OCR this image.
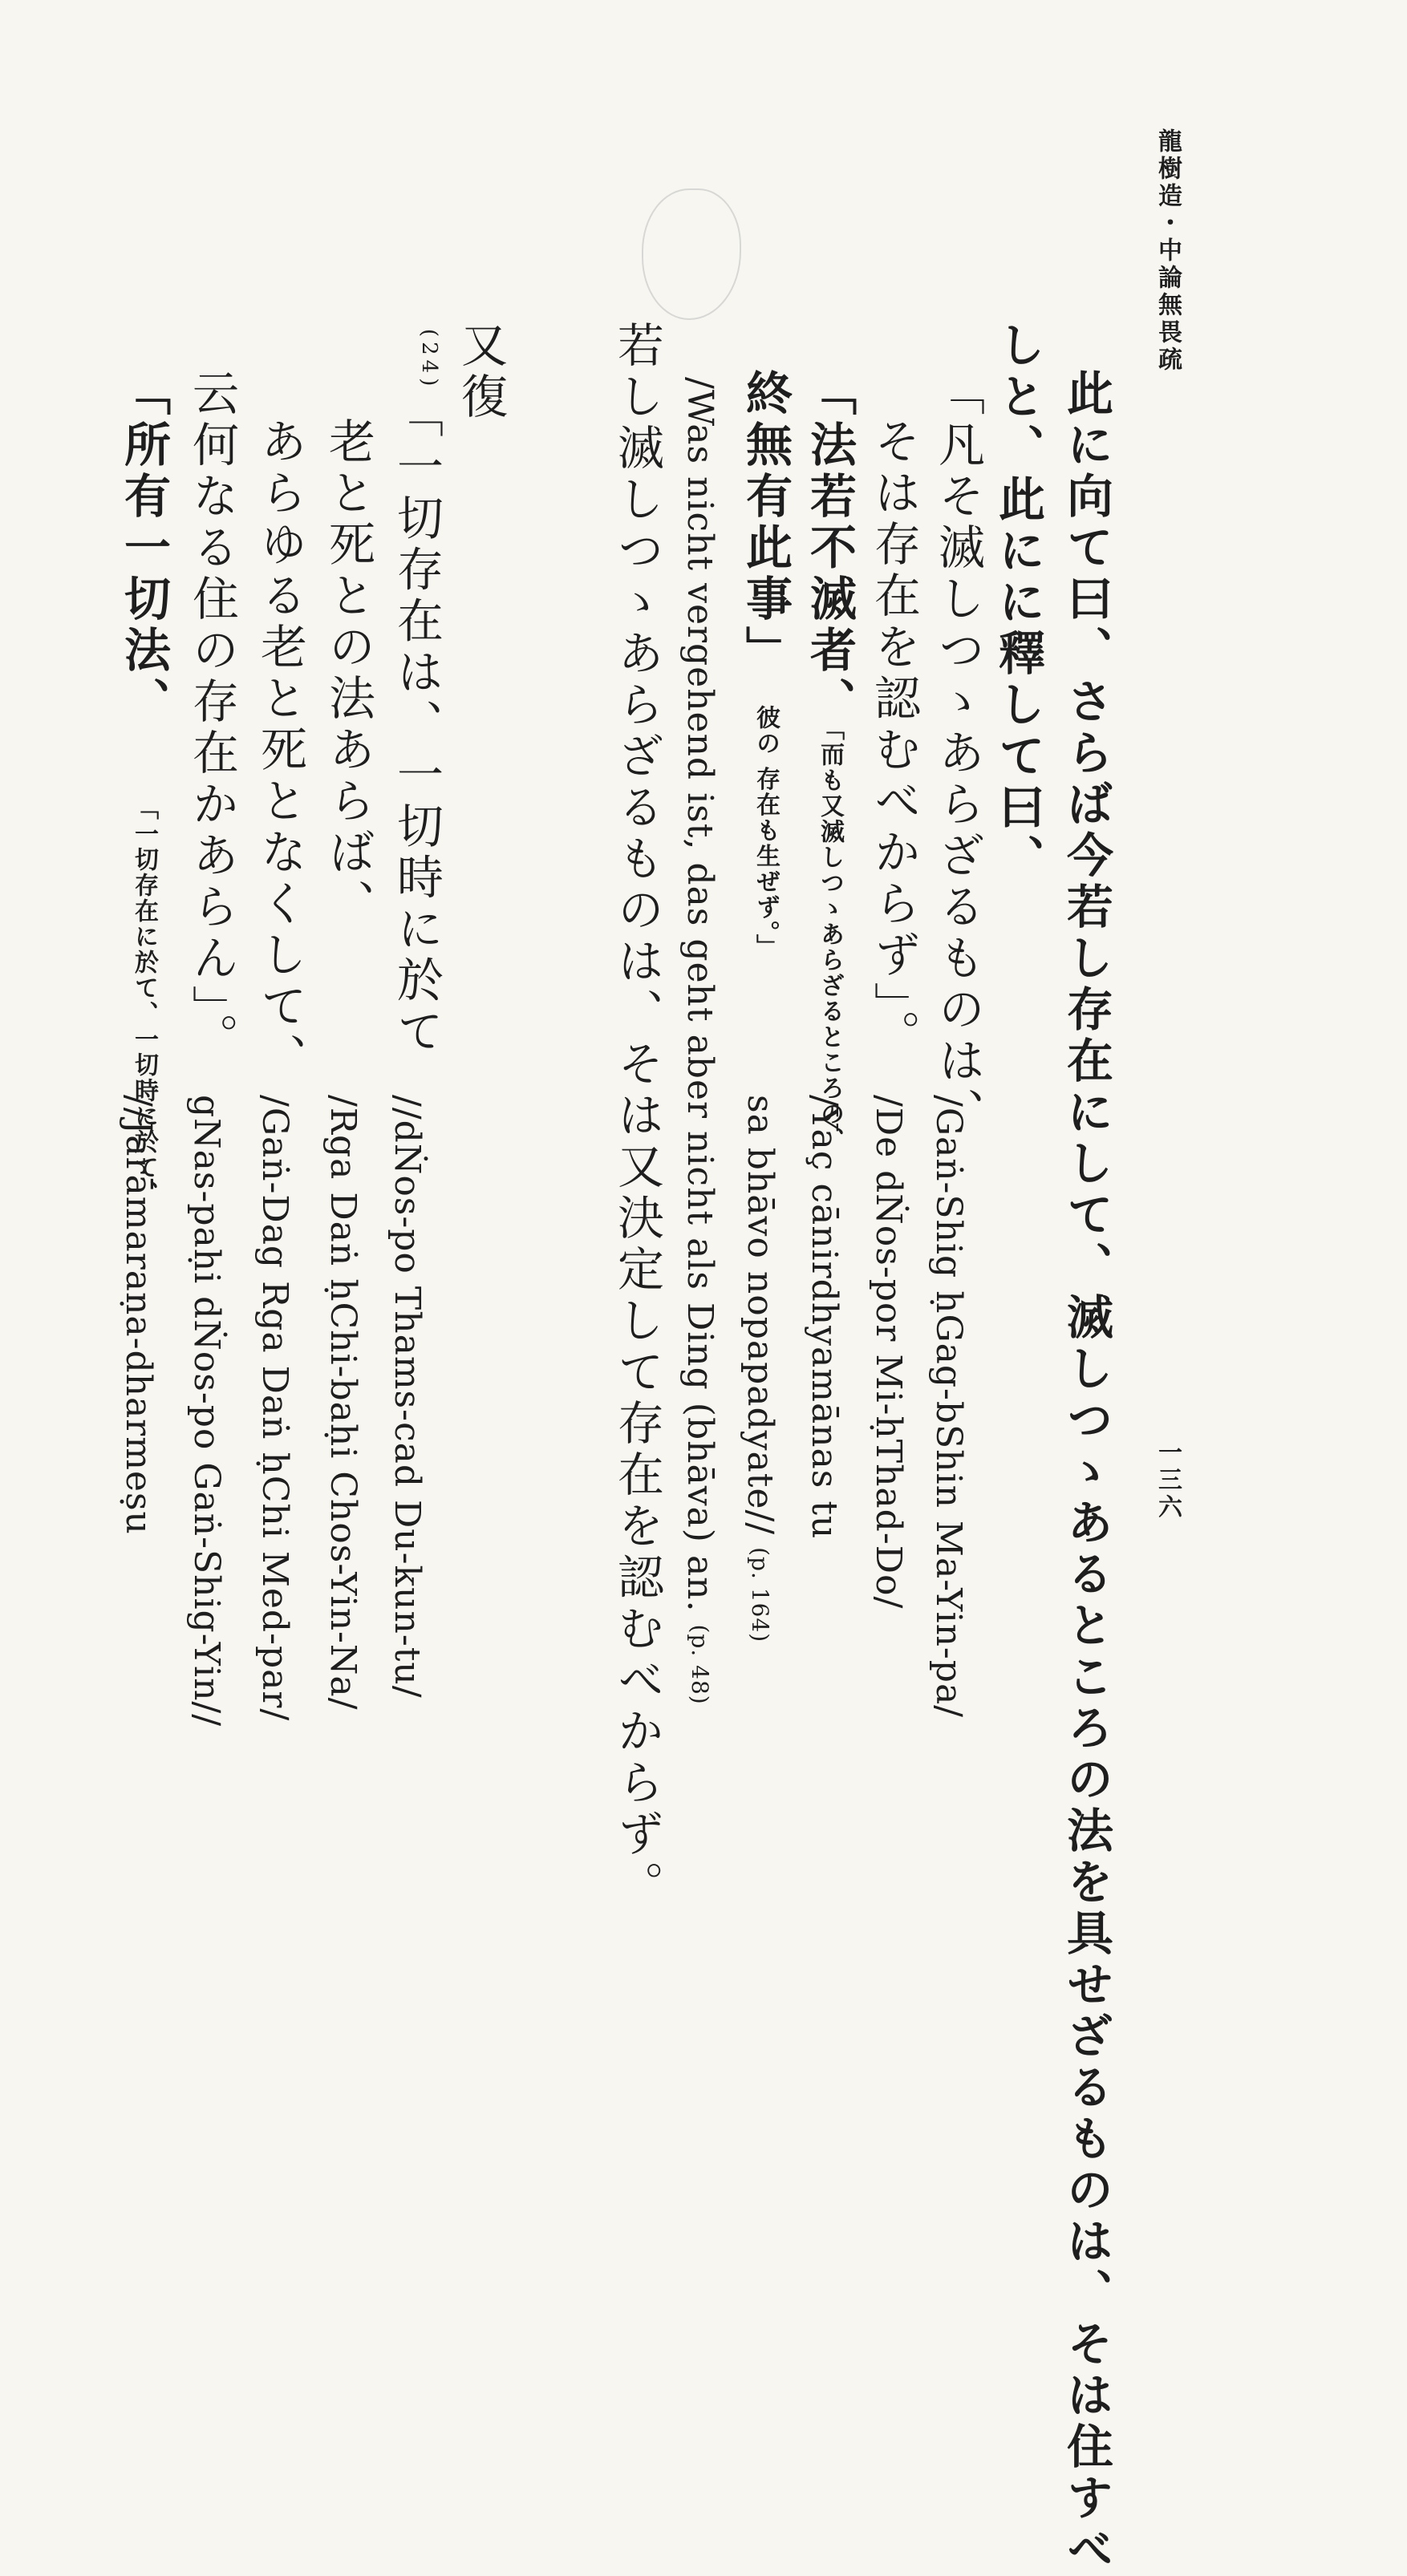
龍樹造・中論無畏疏
一三六
此に向て曰、さらば今若し存在にして、滅しつゝあるところの法を具せざるものは、そは住すべ
しと、此にに釋して曰、
「凡そ滅しつゝあらざるものは、
/Gaṅ-Shig ḥGag-bShin Ma-Yin-pa/
そは存在を認むべからず」。
/De dṄos-por Mi-ḥThad-Do/
「法若不滅者、「而も又滅しつゝあらざるところの、
/Yaç cānirdhyamānas tu
終無有此事」　彼の 存在も生ぜず。」
sa bhāvo nopapadyate// (p. 164)
/Was nicht vergehend ist, das geht aber nicht als Ding (bhāva) an. (p. 48)
若し滅しつゝあらざるものは、そは又決定して存在を認むべからず。
又復
$^{(24)}$「一切存在は、一切時に於て
//dṄos-po Thams-cad Du-kun-tu/
老と死との法あらば、
/Rga Daṅ ḥChi-baḥi Chos-Yin-Na/
あらゆる老と死となくして、
/Gaṅ-Dag Rga Daṅ ḥChi Med-par/
云何なる住の存在かあらん」。
gNas-paḥi dṄos-po Gaṅ-Shig-Yin//
「所有一切法、　　「一切存在に於て、一切時に於て、
//Jarāmaraṇa-dharmeṣu
